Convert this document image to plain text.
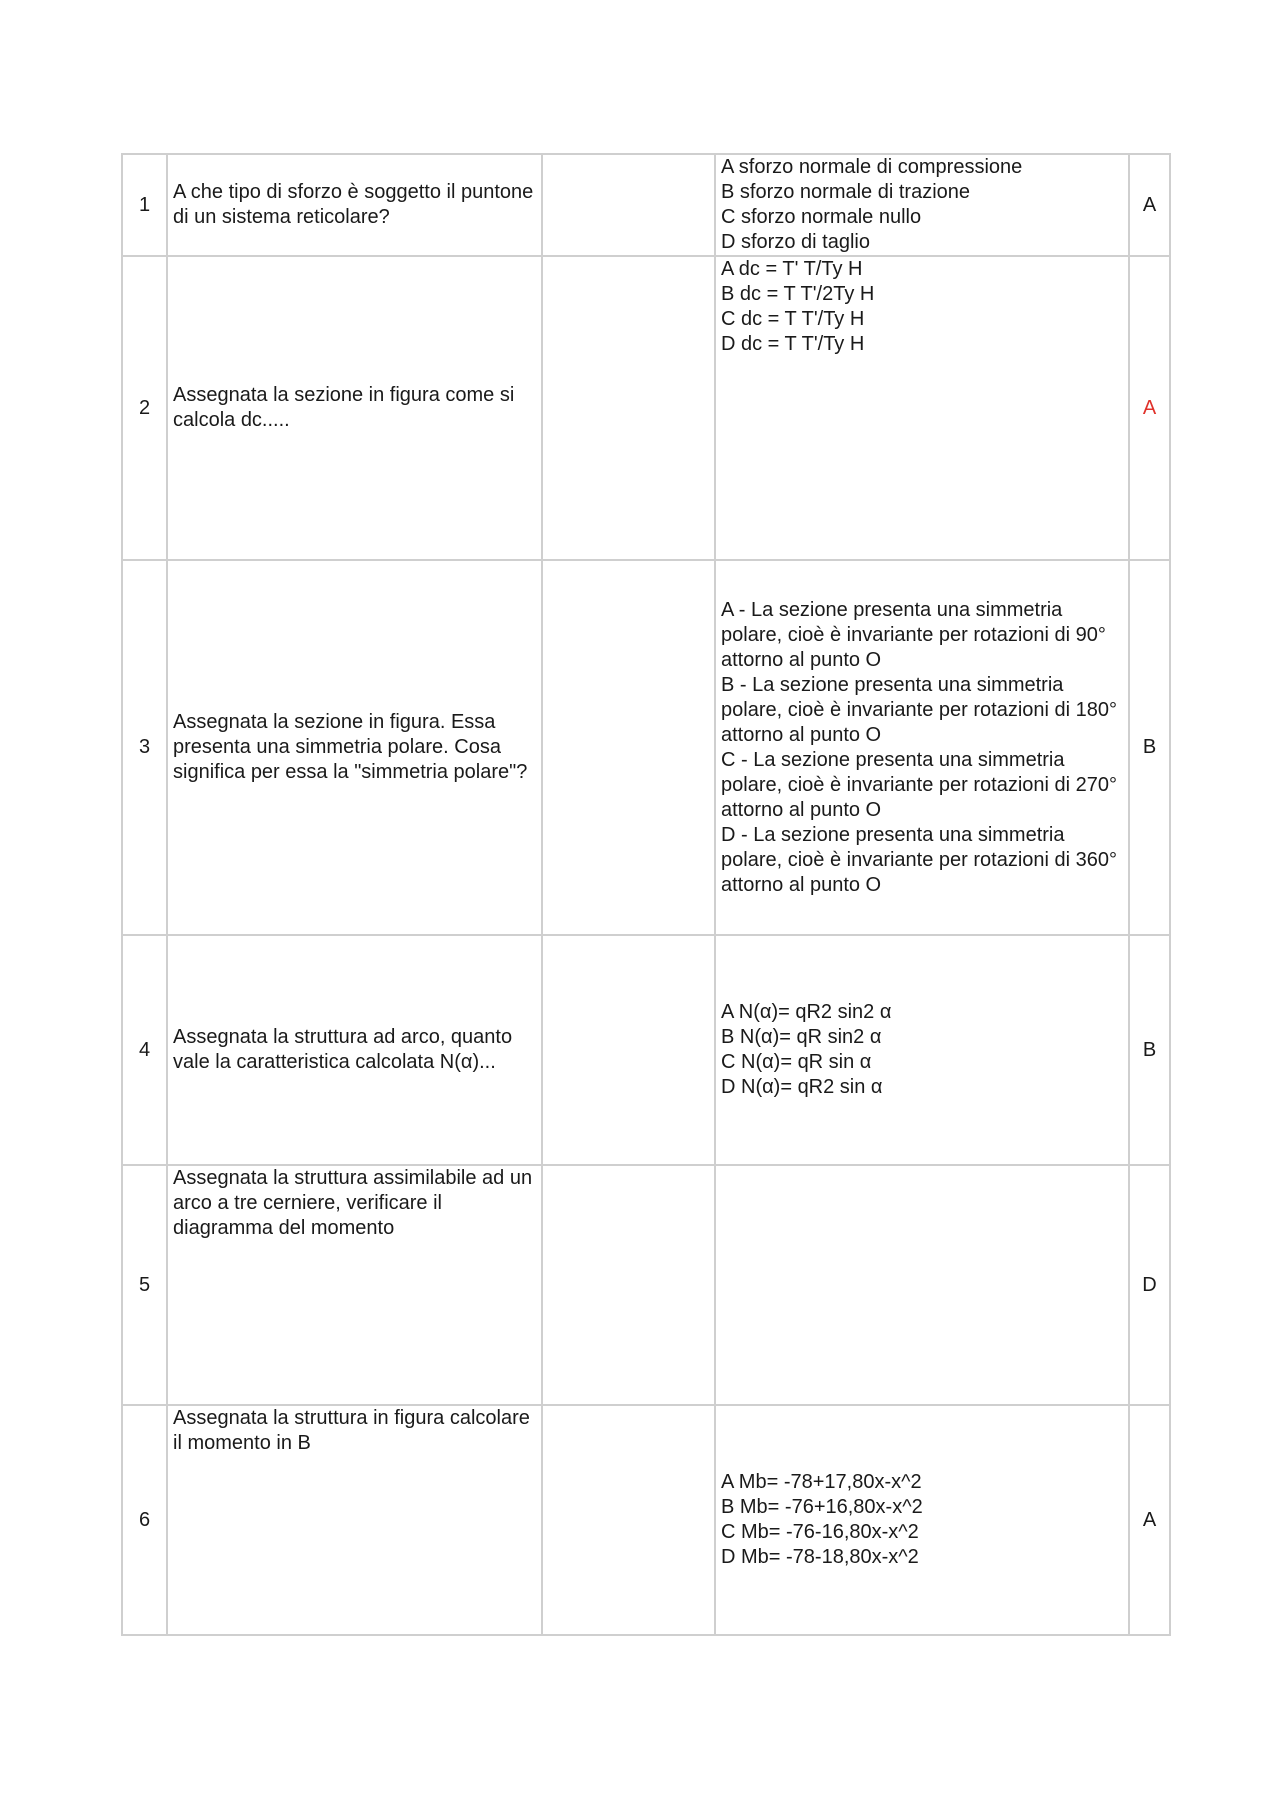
1	A che tipo di sforzo è soggetto il puntone di un sistema reticolare?		A sforzo normale di compressione
B sforzo normale di trazione
C sforzo normale nullo
D sforzo di taglio	A
2	Assegnata la sezione in figura come si calcola dc.....		A dc = T' T/Ty H
B dc = T T'/2Ty H
C dc = T T'/Ty H
D dc = T T'/Ty H	A
3	Assegnata la sezione in figura. Essa presenta una simmetria polare. Cosa significa per essa la "simmetria polare"?		A - La sezione presenta una simmetria polare, cioè è invariante per rotazioni di 90° attorno al punto O
B - La sezione presenta una simmetria polare, cioè è invariante per rotazioni di 180° attorno al punto O
C - La sezione presenta una simmetria polare, cioè è invariante per rotazioni di 270° attorno al punto O
D - La sezione presenta una simmetria polare, cioè è invariante per rotazioni di 360° attorno al punto O	B
4	Assegnata la struttura ad arco, quanto vale la caratteristica calcolata N(α)...		A N(α)= qR2 sin2 α
B N(α)= qR sin2 α
C N(α)= qR sin α
D N(α)= qR2 sin α	B
5	Assegnata la struttura assimilabile ad un arco a tre cerniere, verificare il diagramma del momento			D
6	Assegnata la struttura in figura calcolare il momento in B		A Mb= -78+17,80x-x^2
B Mb= -76+16,80x-x^2
C Mb= -76-16,80x-x^2
D Mb= -78-18,80x-x^2	A
